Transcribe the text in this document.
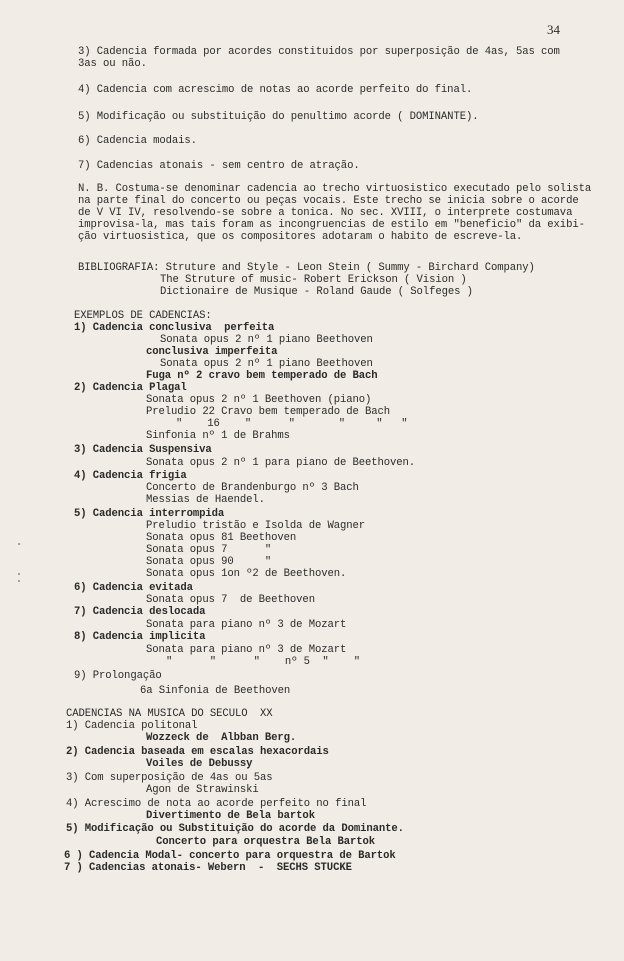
34
3) Cadencia formada por acordes constituidos por superposição de 4as, 5as com
3as ou não.
4) Cadencia com acrescimo de notas ao acorde perfeito do final.
5) Modificação ou substituição do penultimo acorde ( DOMINANTE).
6) Cadencia modais.
7) Cadencias atonais - sem centro de atração.
N. B. Costuma-se denominar cadencia ao trecho virtuosistico executado pelo solista
na parte final do concerto ou peças vocais. Este trecho se inicia sobre o acorde
de V VI IV, resolvendo-se sobre a tonica. No sec. XVIII, o interprete costumava
improvisa-la, mas tais foram as incongruencias de estilo em "beneficio" da exibi-
ção virtuosistica, que os compositores adotaram o habito de escreve-la.
BIBLIOGRAFIA: Struture and Style - Leon Stein ( Summy - Birchard Company)
The Struture of music- Robert Erickson ( Vision )
Dictionaire de Musique - Roland Gaude ( Solfeges )
EXEMPLOS DE CADENCIAS:
1) Cadencia conclusiva  perfeita
Sonata opus 2 nº 1 piano Beethoven
conclusiva imperfeita
Sonata opus 2 nº 1 piano Beethoven
Fuga nº 2 cravo bem temperado de Bach
2) Cadencia Plagal
Sonata opus 2 nº 1 Beethoven (piano)
Preludio 22 Cravo bem temperado de Bach
"    16    "      "       "     "   "
Sinfonia nº 1 de Brahms
3) Cadencia Suspensiva
Sonata opus 2 nº 1 para piano de Beethoven.
4) Cadencia frigia
Concerto de Brandenburgo nº 3 Bach
Messias de Haendel.
5) Cadencia interrompida
Preludio tristão e Isolda de Wagner
Sonata opus 81 Beethoven
Sonata opus 7      "
Sonata opus 90     "
Sonata opus 1on º2 de Beethoven.
6) Cadencia evitada
Sonata opus 7  de Beethoven
7) Cadencia deslocada
Sonata para piano nº 3 de Mozart
8) Cadencia implicita
Sonata para piano nº 3 de Mozart
"      "      "    nº 5  "    "
9) Prolongação
6a Sinfonia de Beethoven
CADENCIAS NA MUSICA DO SECULO  XX
1) Cadencia politonal
Wozzeck de  Albban Berg.
2) Cadencia baseada em escalas hexacordais
Voiles de Debussy
3) Com superposição de 4as ou 5as
Agon de Strawinski
4) Acrescimo de nota ao acorde perfeito no final
Divertimento de Bela bartok
5) Modificação ou Substituição do acorde da Dominante.
Concerto para orquestra Bela Bartok
6 ) Cadencia Modal- concerto para orquestra de Bartok
7 ) Cadencias atonais- Webern  -  SECHS STUCKE
